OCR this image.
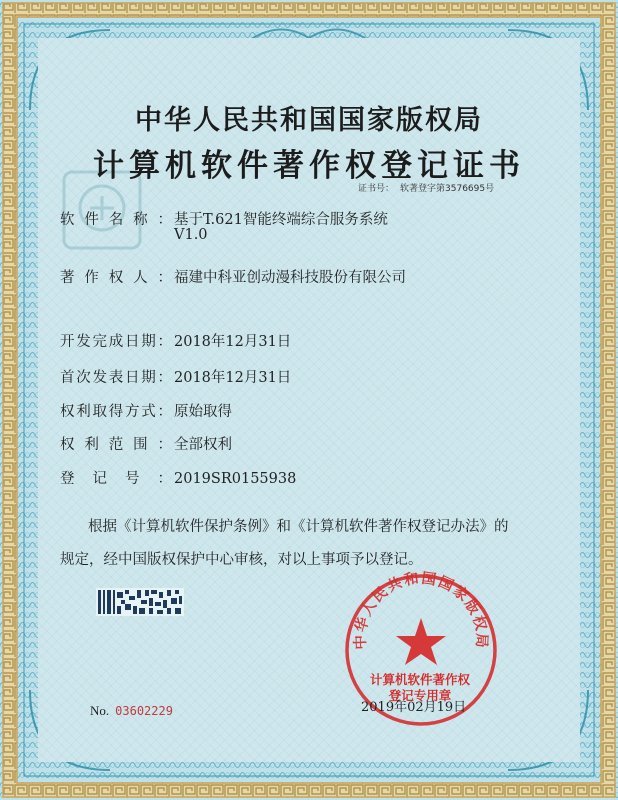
中华人民共和国国家版权局
计算机软件著作权登记证书
证书号： 软著登字第3576695号
软件名称： 基于T.621智能终端综合服务系统
V1.0
著作权人： 福建中科亚创动漫科技股份有限公司
开发完成日期： 2018年12月31日
首次发表日期： 2018年12月31日
权利取得方式： 原始取得
权利范围： 全部权利
登记号： 2019SR0155938
根据《计算机软件保护条例》和《计算机软件著作权登记办法》的
规定，经中国版权保护中心审核，对以上事项予以登记。
No. 03602229
中华人民共和国国家版权局
计算机软件著作权
登记专用章
2019年02月19日
